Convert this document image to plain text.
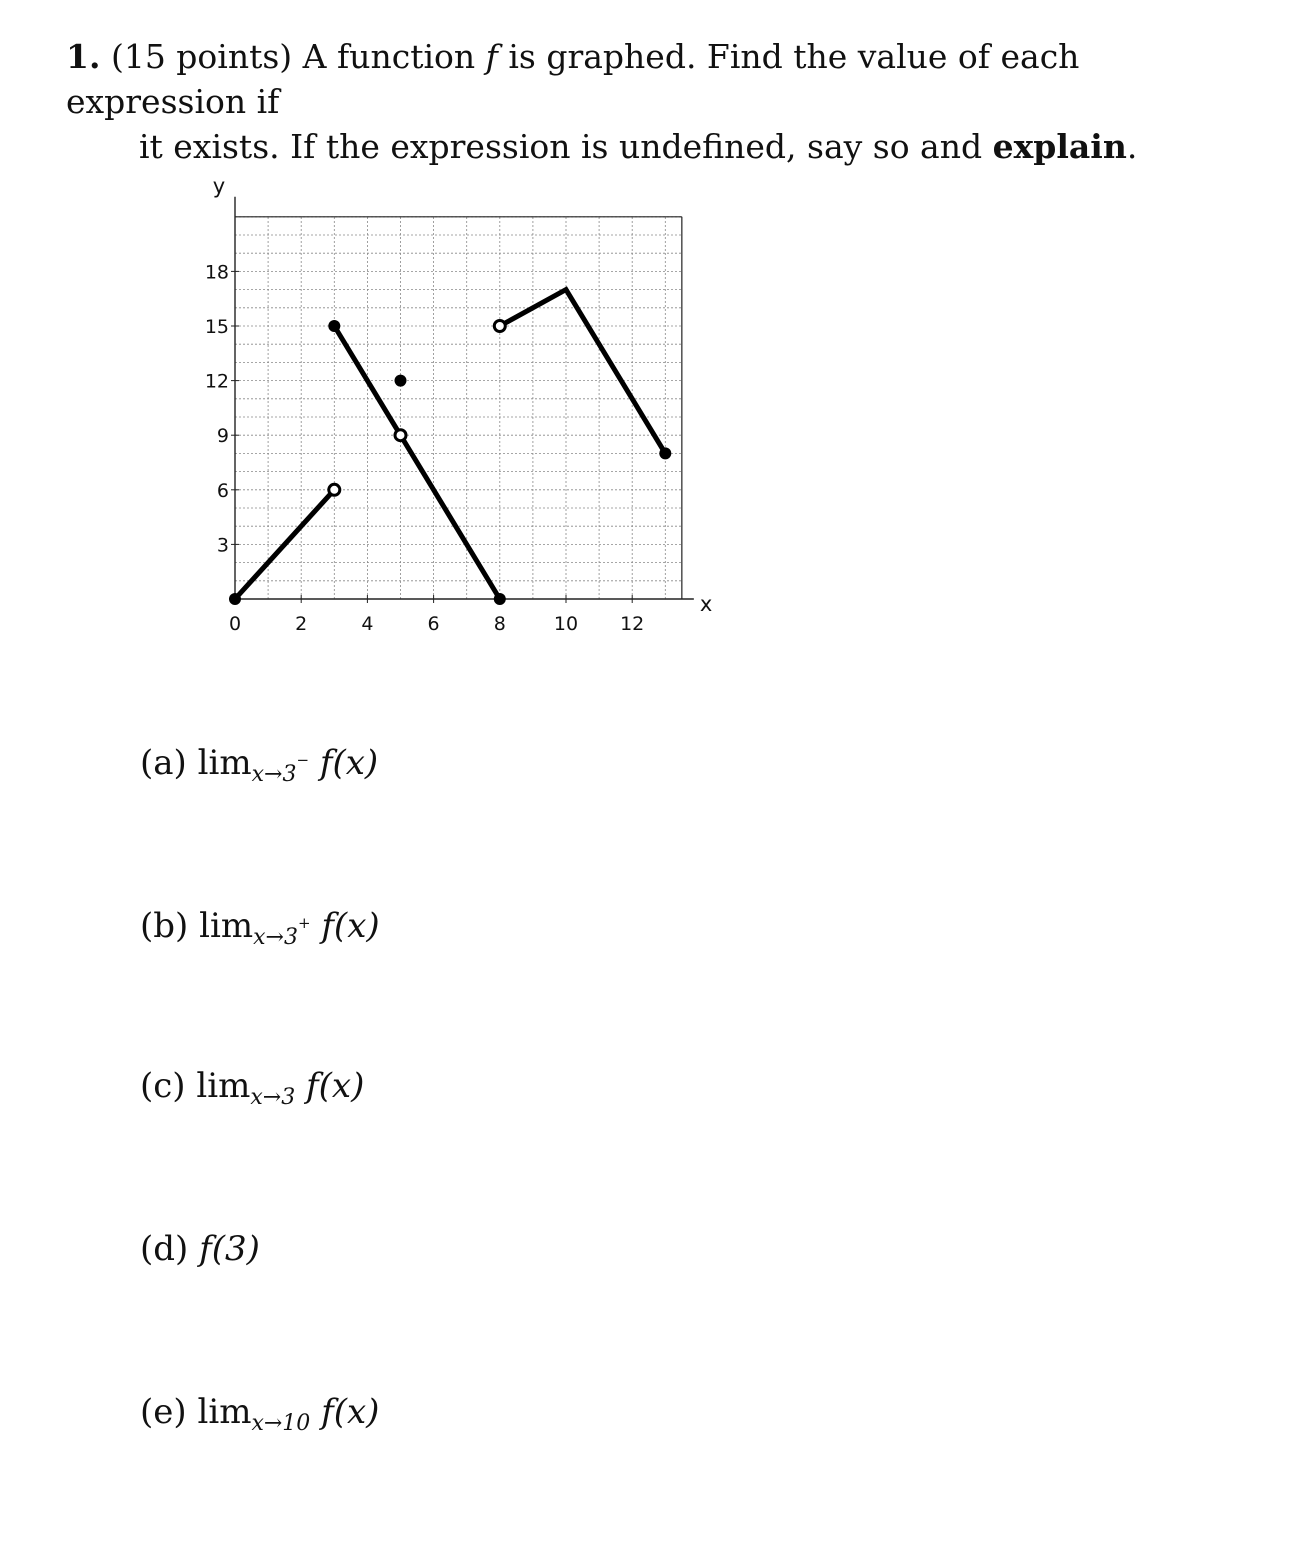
1. (15 points) A function f is graphed. Find the value of each expression if
it exists. If the expression is undefined, say so and explain.
0	2	4	6	8	10 12
3
6
9
12
15
18
x
y
(a) $\lim_{x\to 3}^- f(x)$
(b) $\lim_{x\to 3}^+ f(x)$
(c) $\lim_{x\to 3} f(x)$
(d) f(3)
(e) $\lim_{x\to 10} f(x)$
